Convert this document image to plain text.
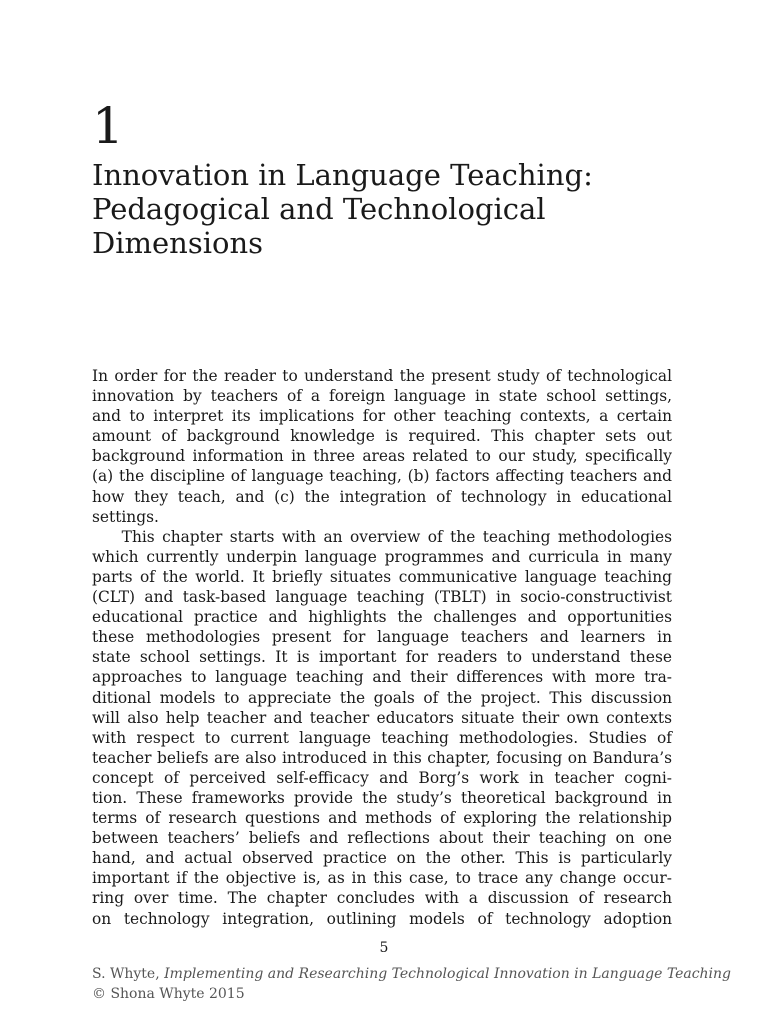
1
Innovation in Language Teaching:
Pedagogical and Technological
Dimensions
In order for the reader to understand the present study of technological
innovation by teachers of a foreign language in state school settings,
and to interpret its implications for other teaching contexts, a certain
amount of background knowledge is required. This chapter sets out
background information in three areas related to our study, specifically
(a) the discipline of language teaching, (b) factors affecting teachers and
how they teach, and (c) the integration of technology in educational
settings.
This chapter starts with an overview of the teaching methodologies
which currently underpin language programmes and curricula in many
parts of the world. It briefly situates communicative language teaching
(CLT) and task-based language teaching (TBLT) in socio-constructivist
educational practice and highlights the challenges and opportunities
these methodologies present for language teachers and learners in
state school settings. It is important for readers to understand these
approaches to language teaching and their differences with more tra-
ditional models to appreciate the goals of the project. This discussion
will also help teacher and teacher educators situate their own contexts
with respect to current language teaching methodologies. Studies of
teacher beliefs are also introduced in this chapter, focusing on Bandura’s
concept of perceived self-efficacy and Borg’s work in teacher cogni-
tion. These frameworks provide the study’s theoretical background in
terms of research questions and methods of exploring the relationship
between teachers’ beliefs and reflections about their teaching on one
hand, and actual observed practice on the other. This is particularly
important if the objective is, as in this case, to trace any change occur-
ring over time. The chapter concludes with a discussion of research
on technology integration, outlining models of technology adoption
5
S. Whyte, Implementing and Researching Technological Innovation in Language Teaching
© Shona Whyte 2015
